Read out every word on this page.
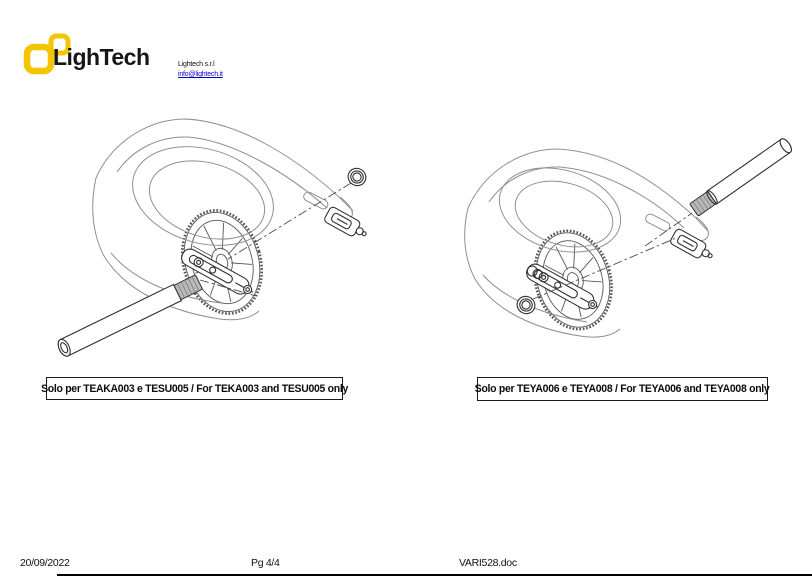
LighTech	Lightech s.r.l
info@lightech.it
Solo per TEAKA003 e TESU005 / For TEKA003 and TESU005 only	Solo per TEYA006 e TEYA008 / For TEYA006 and TEYA008 only
20/09/2022	Pg 4/4	VARI528.doc
